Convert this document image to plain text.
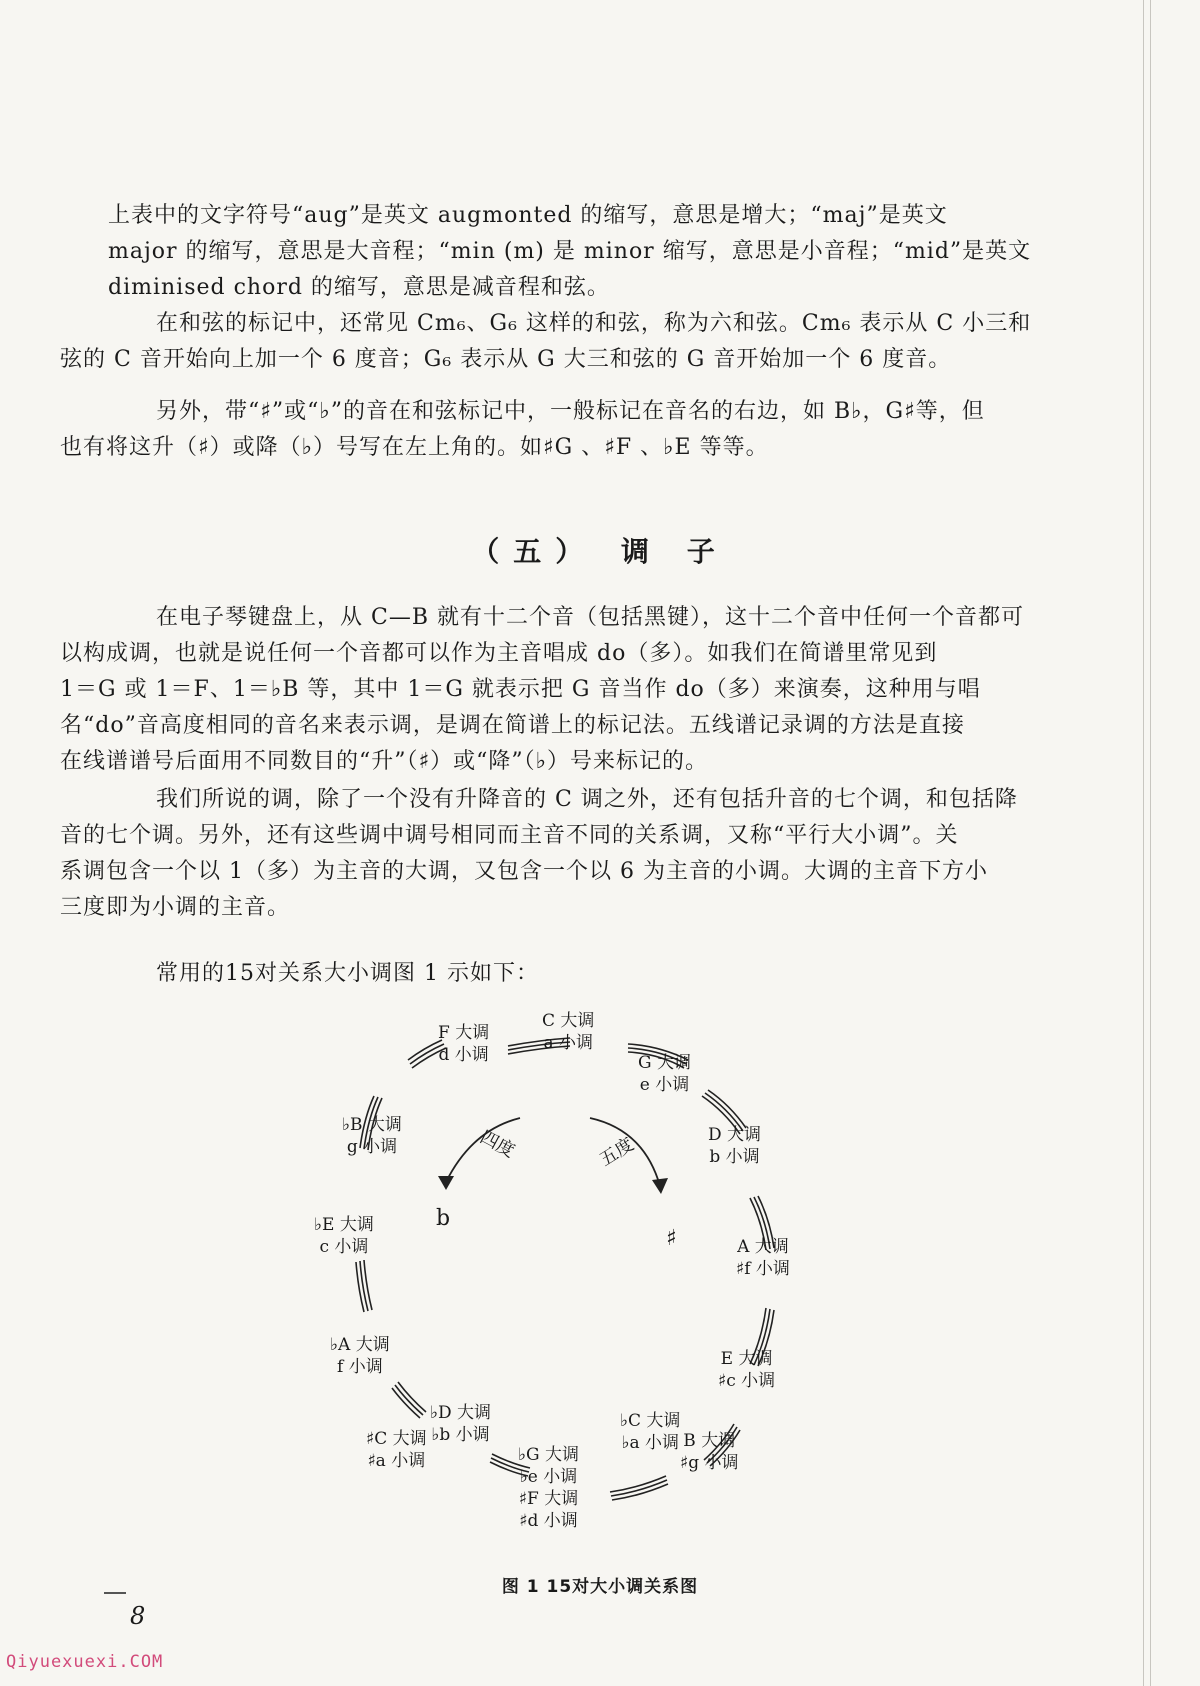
上表中的文字符号“aug”是英文 augmonted 的缩写，意思是增大；“maj”是英文
major 的缩写，意思是大音程；“min (m) 是 minor 缩写，意思是小音程；“mid”是英文
diminised chord 的缩写，意思是减音程和弦。
在和弦的标记中，还常见 Cm₆、G₆ 这样的和弦，称为六和弦。Cm₆ 表示从 C 小三和
弦的 C 音开始向上加一个 6 度音；G₆ 表示从 G 大三和弦的 G 音开始加一个 6 度音。
另外，带“♯”或“♭”的音在和弦标记中，一般标记在音名的右边，如 B♭，G♯等，但
也有将这升（♯）或降（♭）号写在左上角的。如♯G 、♯F 、♭E 等等。
（五） 调 子
在电子琴键盘上，从 C—B 就有十二个音（包括黑键），这十二个音中任何一个音都可
以构成调，也就是说任何一个音都可以作为主音唱成 do（多）。如我们在简谱里常见到
1＝G 或 1＝F、1＝♭B 等，其中 1＝G 就表示把 G 音当作 do（多）来演奏，这种用与唱
名“do”音高度相同的音名来表示调，是调在简谱上的标记法。五线谱记录调的方法是直接
在线谱谱号后面用不同数目的“升”（♯）或“降”（♭）号来标记的。
我们所说的调，除了一个没有升降音的 C 调之外，还有包括升音的七个调，和包括降
音的七个调。另外，还有这些调中调号相同而主音不同的关系调，又称“平行大小调”。关
系调包含一个以 1（多）为主音的大调，又包含一个以 6 为主音的小调。大调的主音下方小
三度即为小调的主音。
常用的15对关系大小调图 1 示如下：
四度	五度
b
♯
C 大调
a 小调
G 大调
e 小调
D 大调
b 小调
A 大调
♯f 小调
E 大调
♯c 小调
B 大调
♯g 小调
♭C 大调
♭a 小调
♭G 大调
♭e 小调
♯F 大调
♯d 小调
♭D 大调
♭b 小调
♯C 大调
♯a 小调
♭A 大调
f 小调
♭E 大调
c 小调
♭B 大调
g 小调
F 大调
d 小调
图 1 15对大小调关系图
8
Qiyuexuexi.COM
